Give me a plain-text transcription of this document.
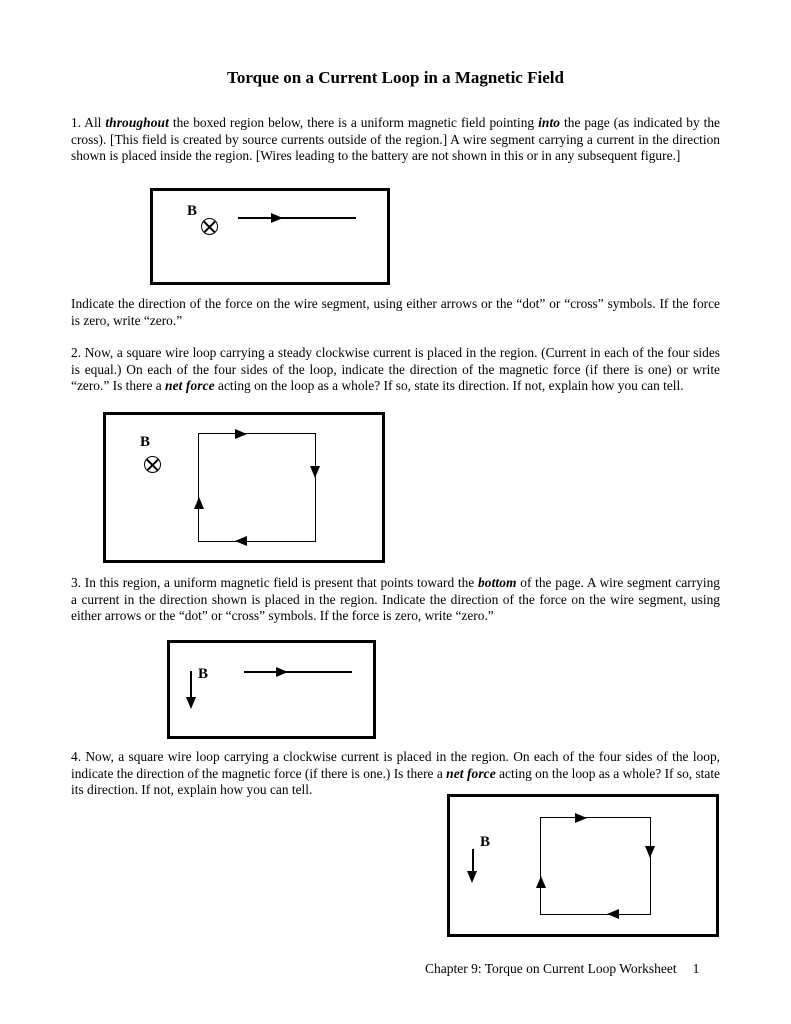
Torque on a Current Loop in a Magnetic Field

1. All throughout the boxed region below, there is a uniform magnetic field pointing into the page (as indicated by the cross). [This field is created by source currents outside of the region.] A wire segment carrying a current in the direction shown is placed inside the region. [Wires leading to the battery are not shown in this or in any subsequent figure.]

B

Indicate the direction of the force on the wire segment, using either arrows or the “dot” or “cross” symbols. If the force is zero, write “zero.”

2. Now, a square wire loop carrying a steady clockwise current is placed in the region. (Current in each of the four sides is equal.) On each of the four sides of the loop, indicate the direction of the magnetic force (if there is one) or write “zero.” Is there a net force acting on the loop as a whole? If so, state its direction. If not, explain how you can tell.

B

3. In this region, a uniform magnetic field is present that points toward the bottom of the page. A wire segment carrying a current in the direction shown is placed in the region. Indicate the direction of the force on the wire segment, using either arrows or the “dot” or “cross” symbols. If the force is zero, write “zero.”

B

4. Now, a square wire loop carrying a clockwise current is placed in the region. On each of the four sides of the loop, indicate the direction of the magnetic force (if there is one.) Is there a net force acting on the loop as a whole? If so, state its direction. If not, explain how you can tell.

B
Chapter 9: Torque on Current Loop Worksheet 1
